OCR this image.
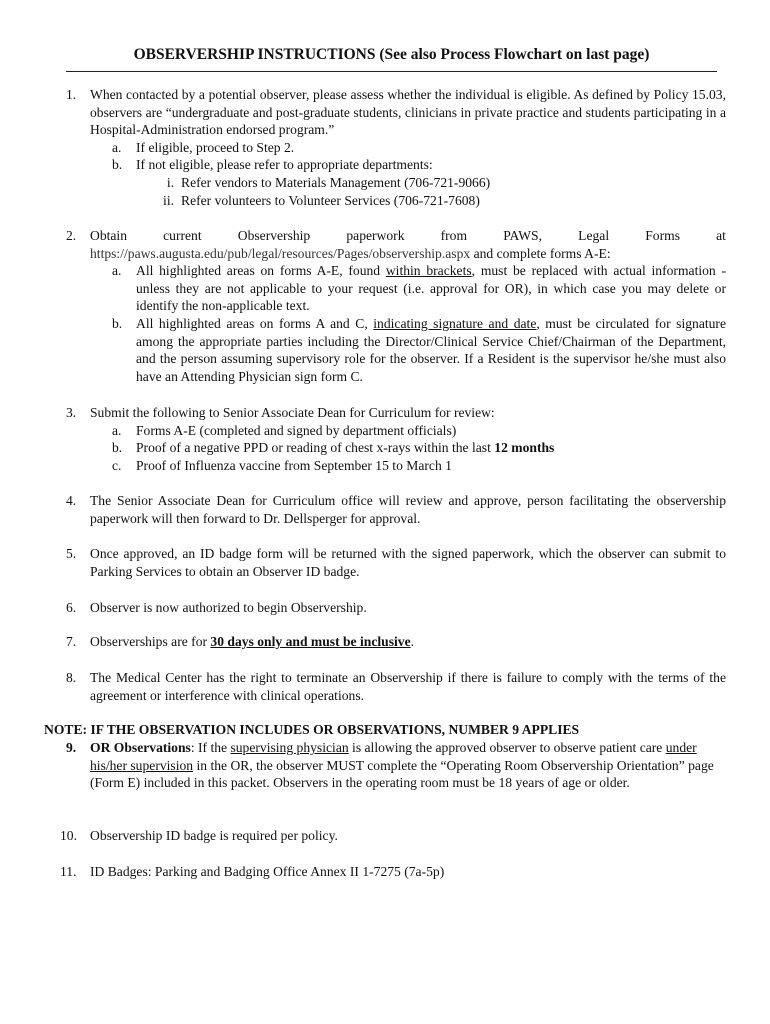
OBSERVERSHIP INSTRUCTIONS (See also Process Flowchart on last page)
1. When contacted by a potential observer, please assess whether the individual is eligible. As defined by Policy 15.03, observers are “undergraduate and post-graduate students, clinicians in private practice and students participating in a Hospital-Administration endorsed program.”
a. If eligible, proceed to Step 2.
b. If not eligible, please refer to appropriate departments:
i. Refer vendors to Materials Management (706-721-9066)
ii. Refer volunteers to Volunteer Services (706-721-7608)
2. Obtain	current	Observership	paperwork	from	PAWS,	Legal	Forms	at
https://paws.augusta.edu/pub/legal/resources/Pages/observership.aspx and complete forms A-E:
a. All highlighted areas on forms A-E, found within brackets, must be replaced with actual information - unless they are not applicable to your request (i.e. approval for OR), in which case you may delete or identify the non-applicable text.
b. All highlighted areas on forms A and C, indicating signature and date, must be circulated for signature among the appropriate parties including the Director/Clinical Service Chief/Chairman of the Department, and the person assuming supervisory role for the observer. If a Resident is the supervisor he/she must also have an Attending Physician sign form C.
3. Submit the following to Senior Associate Dean for Curriculum for review:
a. Forms A-E (completed and signed by department officials)
b. Proof of a negative PPD or reading of chest x-rays within the last 12 months
c. Proof of Influenza vaccine from September 15 to March 1
4. The Senior Associate Dean for Curriculum office will review and approve, person facilitating the observership paperwork will then forward to Dr. Dellsperger for approval.
5. Once approved, an ID badge form will be returned with the signed paperwork, which the observer can submit to Parking Services to obtain an Observer ID badge.
6. Observer is now authorized to begin Observership.
7. Observerships are for 30 days only and must be inclusive.
8. The Medical Center has the right to terminate an Observership if there is failure to comply with the terms of the agreement or interference with clinical operations.
NOTE: IF THE OBSERVATION INCLUDES OR OBSERVATIONS, NUMBER 9 APPLIES
9. OR Observations: If the supervising physician is allowing the approved observer to observe patient care under his/her supervision in the OR, the observer MUST complete the “Operating Room Observership Orientation” page (Form E) included in this packet. Observers in the operating room must be 18 years of age or older.
10. Observership ID badge is required per policy.
11. ID Badges: Parking and Badging Office Annex II 1-7275 (7a-5p)
